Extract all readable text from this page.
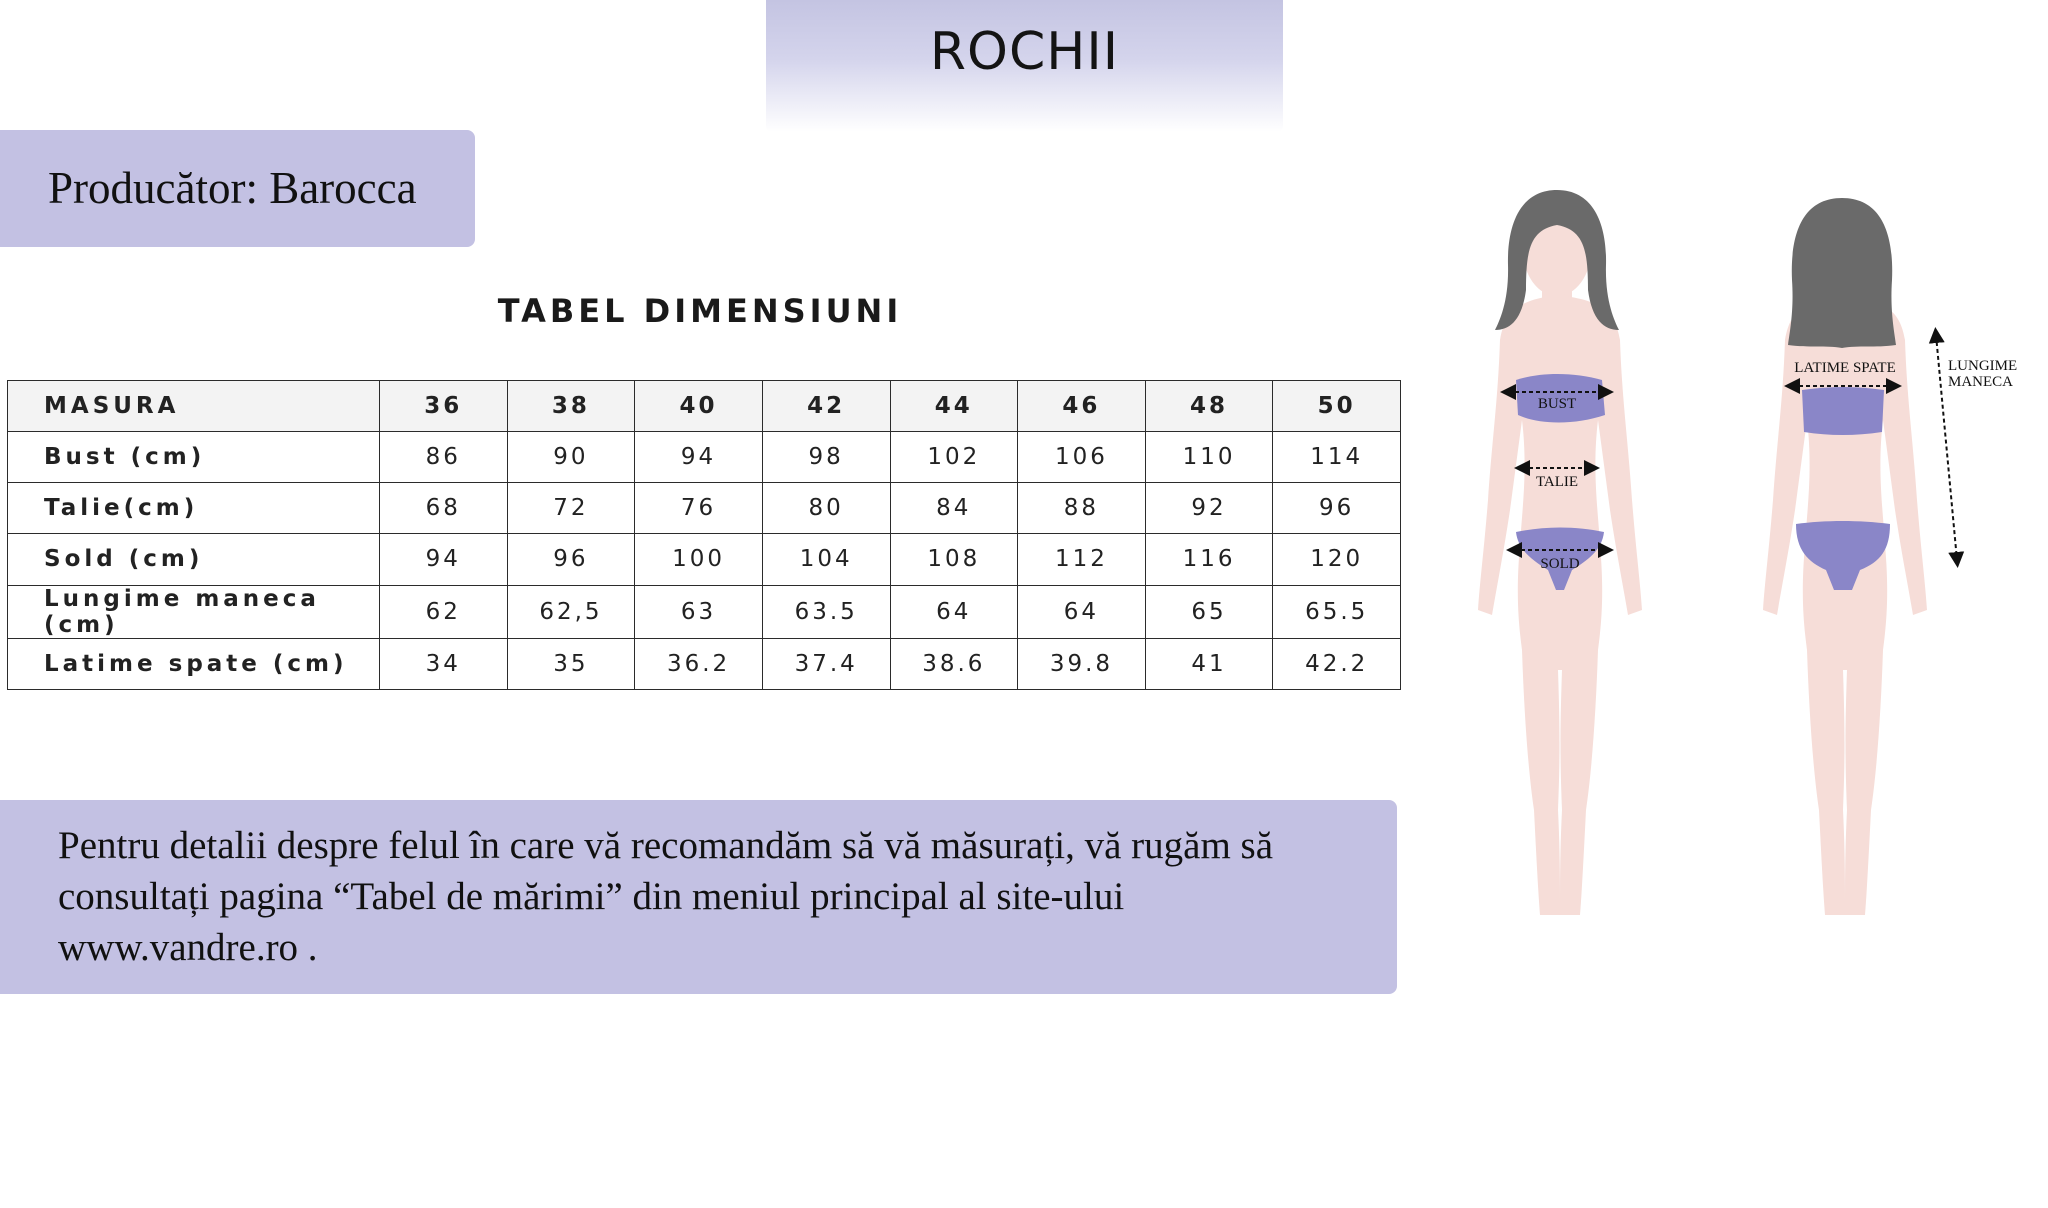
ROCHII
Producător: Barocca
TABEL DIMENSIUNI
MASURA	36	38	40	42	44	46	48	50
Bust (cm)	86	90	94	98	102	106	110	114
Talie(cm)	68	72	76	80	84	88	92	96
Sold (cm)	94	96	100	104	108	112	116	120
Lungime maneca (cm)	62	62,5	63	63.5	64	64	65	65.5
Latime spate (cm)	34	35	36.2	37.4	38.6	39.8	41	42.2
Pentru detalii despre felul în care vă recomandăm să vă măsurați, vă rugăm să
consultați pagina “Tabel de mărimi” din meniul principal al site-ului
www.vandre.ro .
BUST
TALIE
SOLD
LATIME SPATE	LUNGIME
MANECA
